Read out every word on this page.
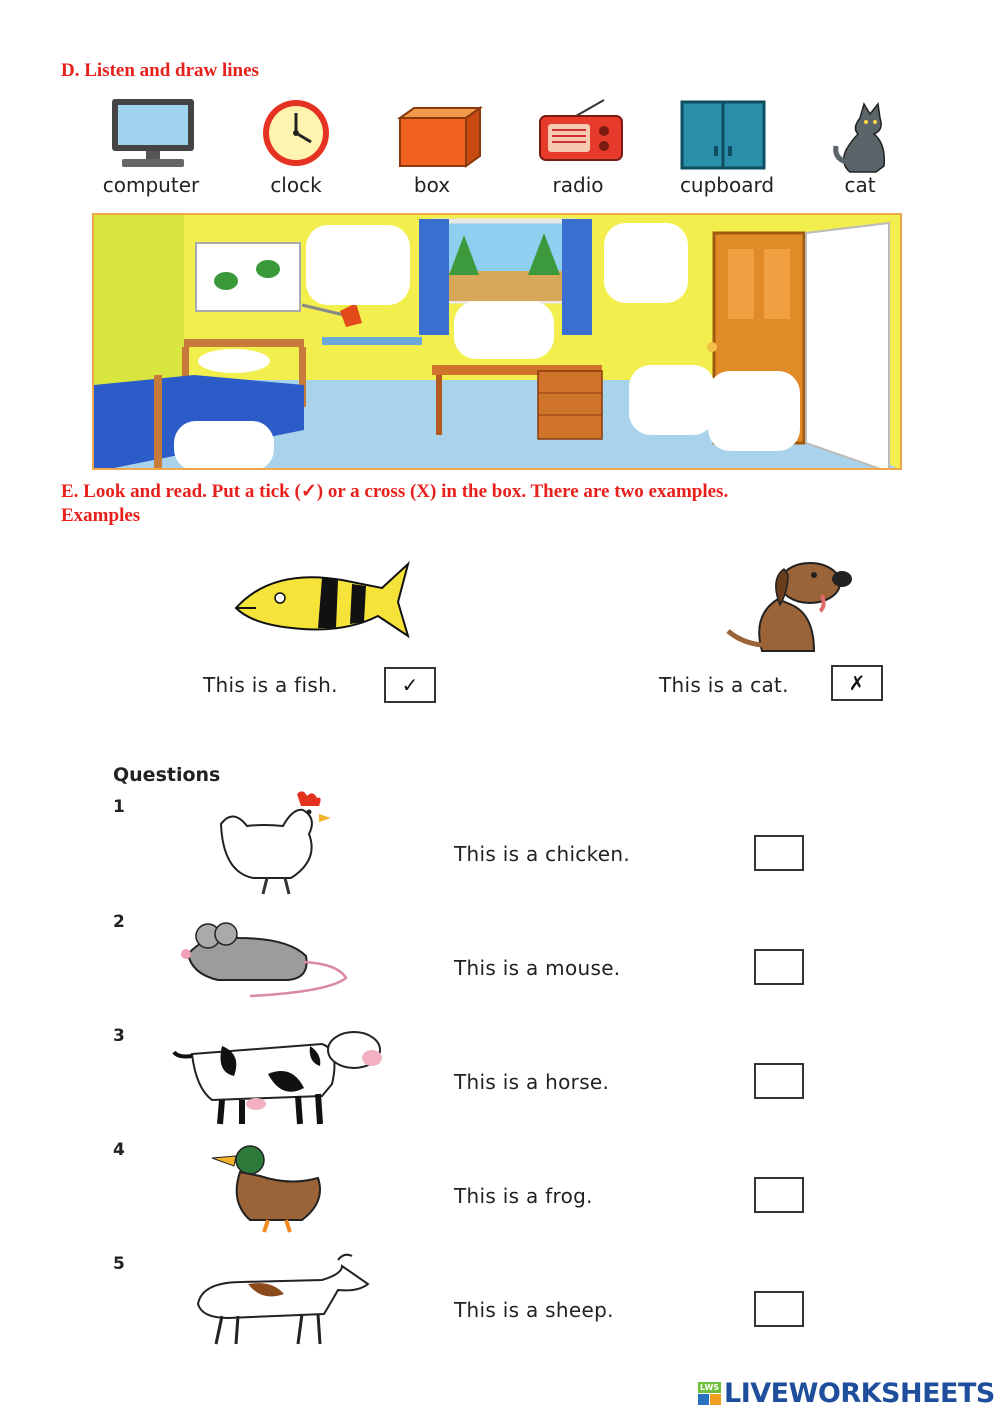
D. Listen and draw lines
computer	clock	box	radio	cupboard	cat
E. Look and read. Put a tick (✓) or a cross (X) in the box. There are two examples.
Examples
This is a fish.	✓	This is a cat.	✗
Questions
1
This is a chicken.
2
This is a mouse.
3
This is a horse.
4
This is a frog.
5
This is a sheep.
LWS LIVEWORKSHEETS
